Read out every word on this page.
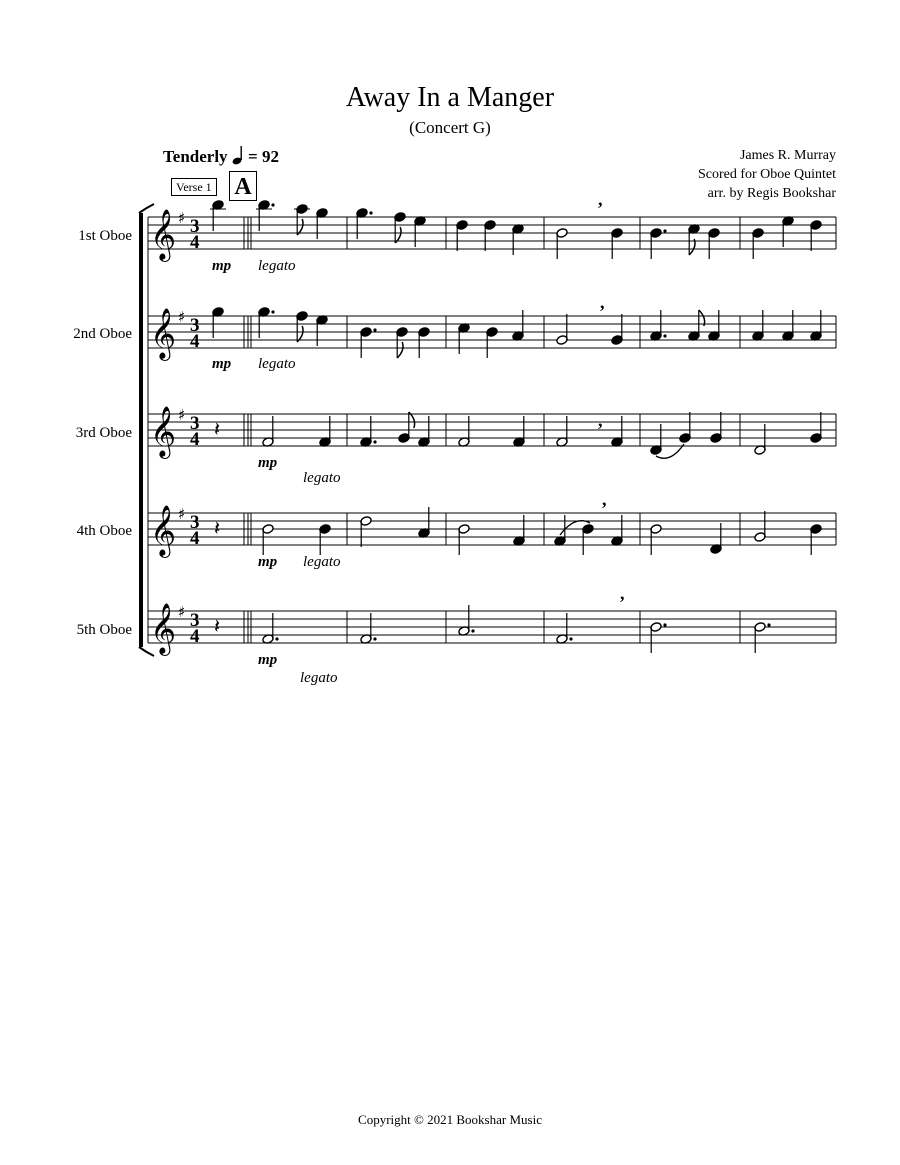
Away In a Manger
(Concert G)
Tenderly = 92	James R. Murray
Scored for Oboe Quintet
arr. by Regis Bookshar
Verse 1 A
1st Oboe
2nd Oboe
3rd Oboe
4th Oboe
5th Oboe
𝄞 ♯ 3
4
mp legato
𝄞 ♯ 3
4
mp legato
𝄞 ♯ 3
4
mp
legato
𝄞 ♯ 3
4
mp legato
𝄞 ♯ 3
4
mp
legato
,
,
𝄽	,
𝄽
,
𝄽
,
Copyright © 2021 Bookshar Music
